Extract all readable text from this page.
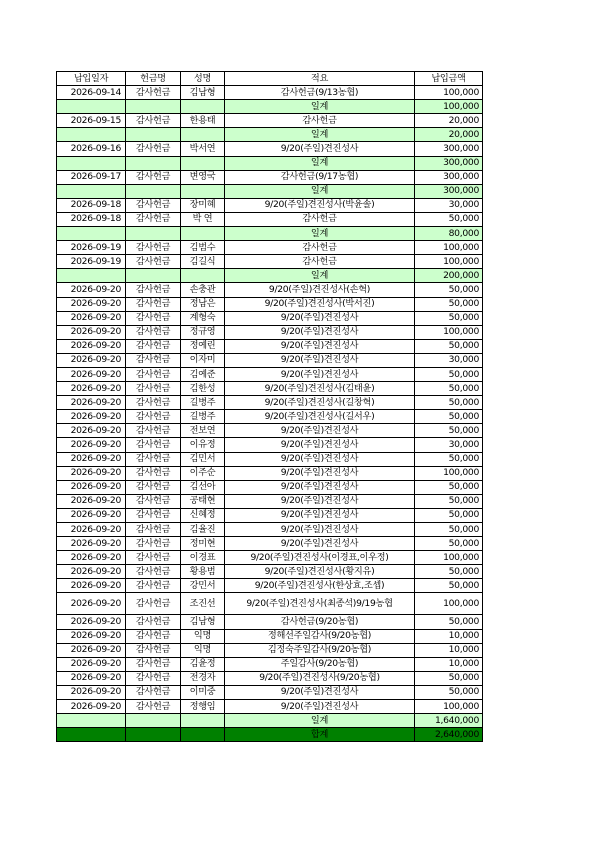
납입일자	헌금명	성명	적요	납입금액
2026-09-14	감사헌금	김남형	감사헌금(9/13농협)	100,000
			일계	100,000
2026-09-15	감사헌금	한용태	감사헌금	20,000
			일계	20,000
2026-09-16	감사헌금	박서연	9/20(주일)견진성사	300,000
			일계	300,000
2026-09-17	감사헌금	변영국	감사헌금(9/17농협)	300,000
			일계	300,000
2026-09-18	감사헌금	장미혜	9/20(주일)견진성사(박윤솔)	30,000
2026-09-18	감사헌금	박 연	감사헌금	50,000
			일계	80,000
2026-09-19	감사헌금	김범수	감사헌금	100,000
2026-09-19	감사헌금	김길식	감사헌금	100,000
			일계	200,000
2026-09-20	감사헌금	손충관	9/20(주일)견진성사(손혁)	50,000
2026-09-20	감사헌금	정남은	9/20(주일)견진성사(박서진)	50,000
2026-09-20	감사헌금	계형숙	9/20(주일)견진성사	50,000
2026-09-20	감사헌금	정규영	9/20(주일)견진성사	100,000
2026-09-20	감사헌금	정예린	9/20(주일)견진성사	50,000
2026-09-20	감사헌금	이자미	9/20(주일)견진성사	30,000
2026-09-20	감사헌금	김예준	9/20(주일)견진성사	50,000
2026-09-20	감사헌금	김한성	9/20(주일)견진성사(김태윤)	50,000
2026-09-20	감사헌금	길병주	9/20(주일)견진성사(길창혁)	50,000
2026-09-20	감사헌금	길병주	9/20(주일)견진성사(길서우)	50,000
2026-09-20	감사헌금	전보연	9/20(주일)견진성사	50,000
2026-09-20	감사헌금	이유정	9/20(주일)견진성사	30,000
2026-09-20	감사헌금	김민서	9/20(주일)견진성사	50,000
2026-09-20	감사헌금	이주순	9/20(주일)견진성사	100,000
2026-09-20	감사헌금	김선아	9/20(주일)견진성사	50,000
2026-09-20	감사헌금	공태현	9/20(주일)견진성사	50,000
2026-09-20	감사헌금	신혜정	9/20(주일)견진성사	50,000
2026-09-20	감사헌금	김율진	9/20(주일)견진성사	50,000
2026-09-20	감사헌금	정미현	9/20(주일)견진성사	50,000
2026-09-20	감사헌금	이경표	9/20(주일)견진성사(이경표,이우정)	100,000
2026-09-20	감사헌금	황용범	9/20(주일)견진성사(황지유)	50,000
2026-09-20	감사헌금	강민서	9/20(주일)견진성사(한상효,조셉)	50,000
2026-09-20	감사헌금	조진선	9/20(주일)견진성사(최종석)9/19농협	100,000
2026-09-20	감사헌금	김남형	감사헌금(9/20농협)	50,000
2026-09-20	감사헌금	익명	정해선주일감사(9/20농협)	10,000
2026-09-20	감사헌금	익명	김정숙주일감사(9/20농협)	10,000
2026-09-20	감사헌금	김윤정	주일감사(9/20농협)	10,000
2026-09-20	감사헌금	전경자	9/20(주일)견진성사(9/20농협)	50,000
2026-09-20	감사헌금	이미중	9/20(주일)견진성사	50,000
2026-09-20	감사헌금	정행임	9/20(주일)견진성사	100,000
			일계	1,640,000
			합계	2,640,000
